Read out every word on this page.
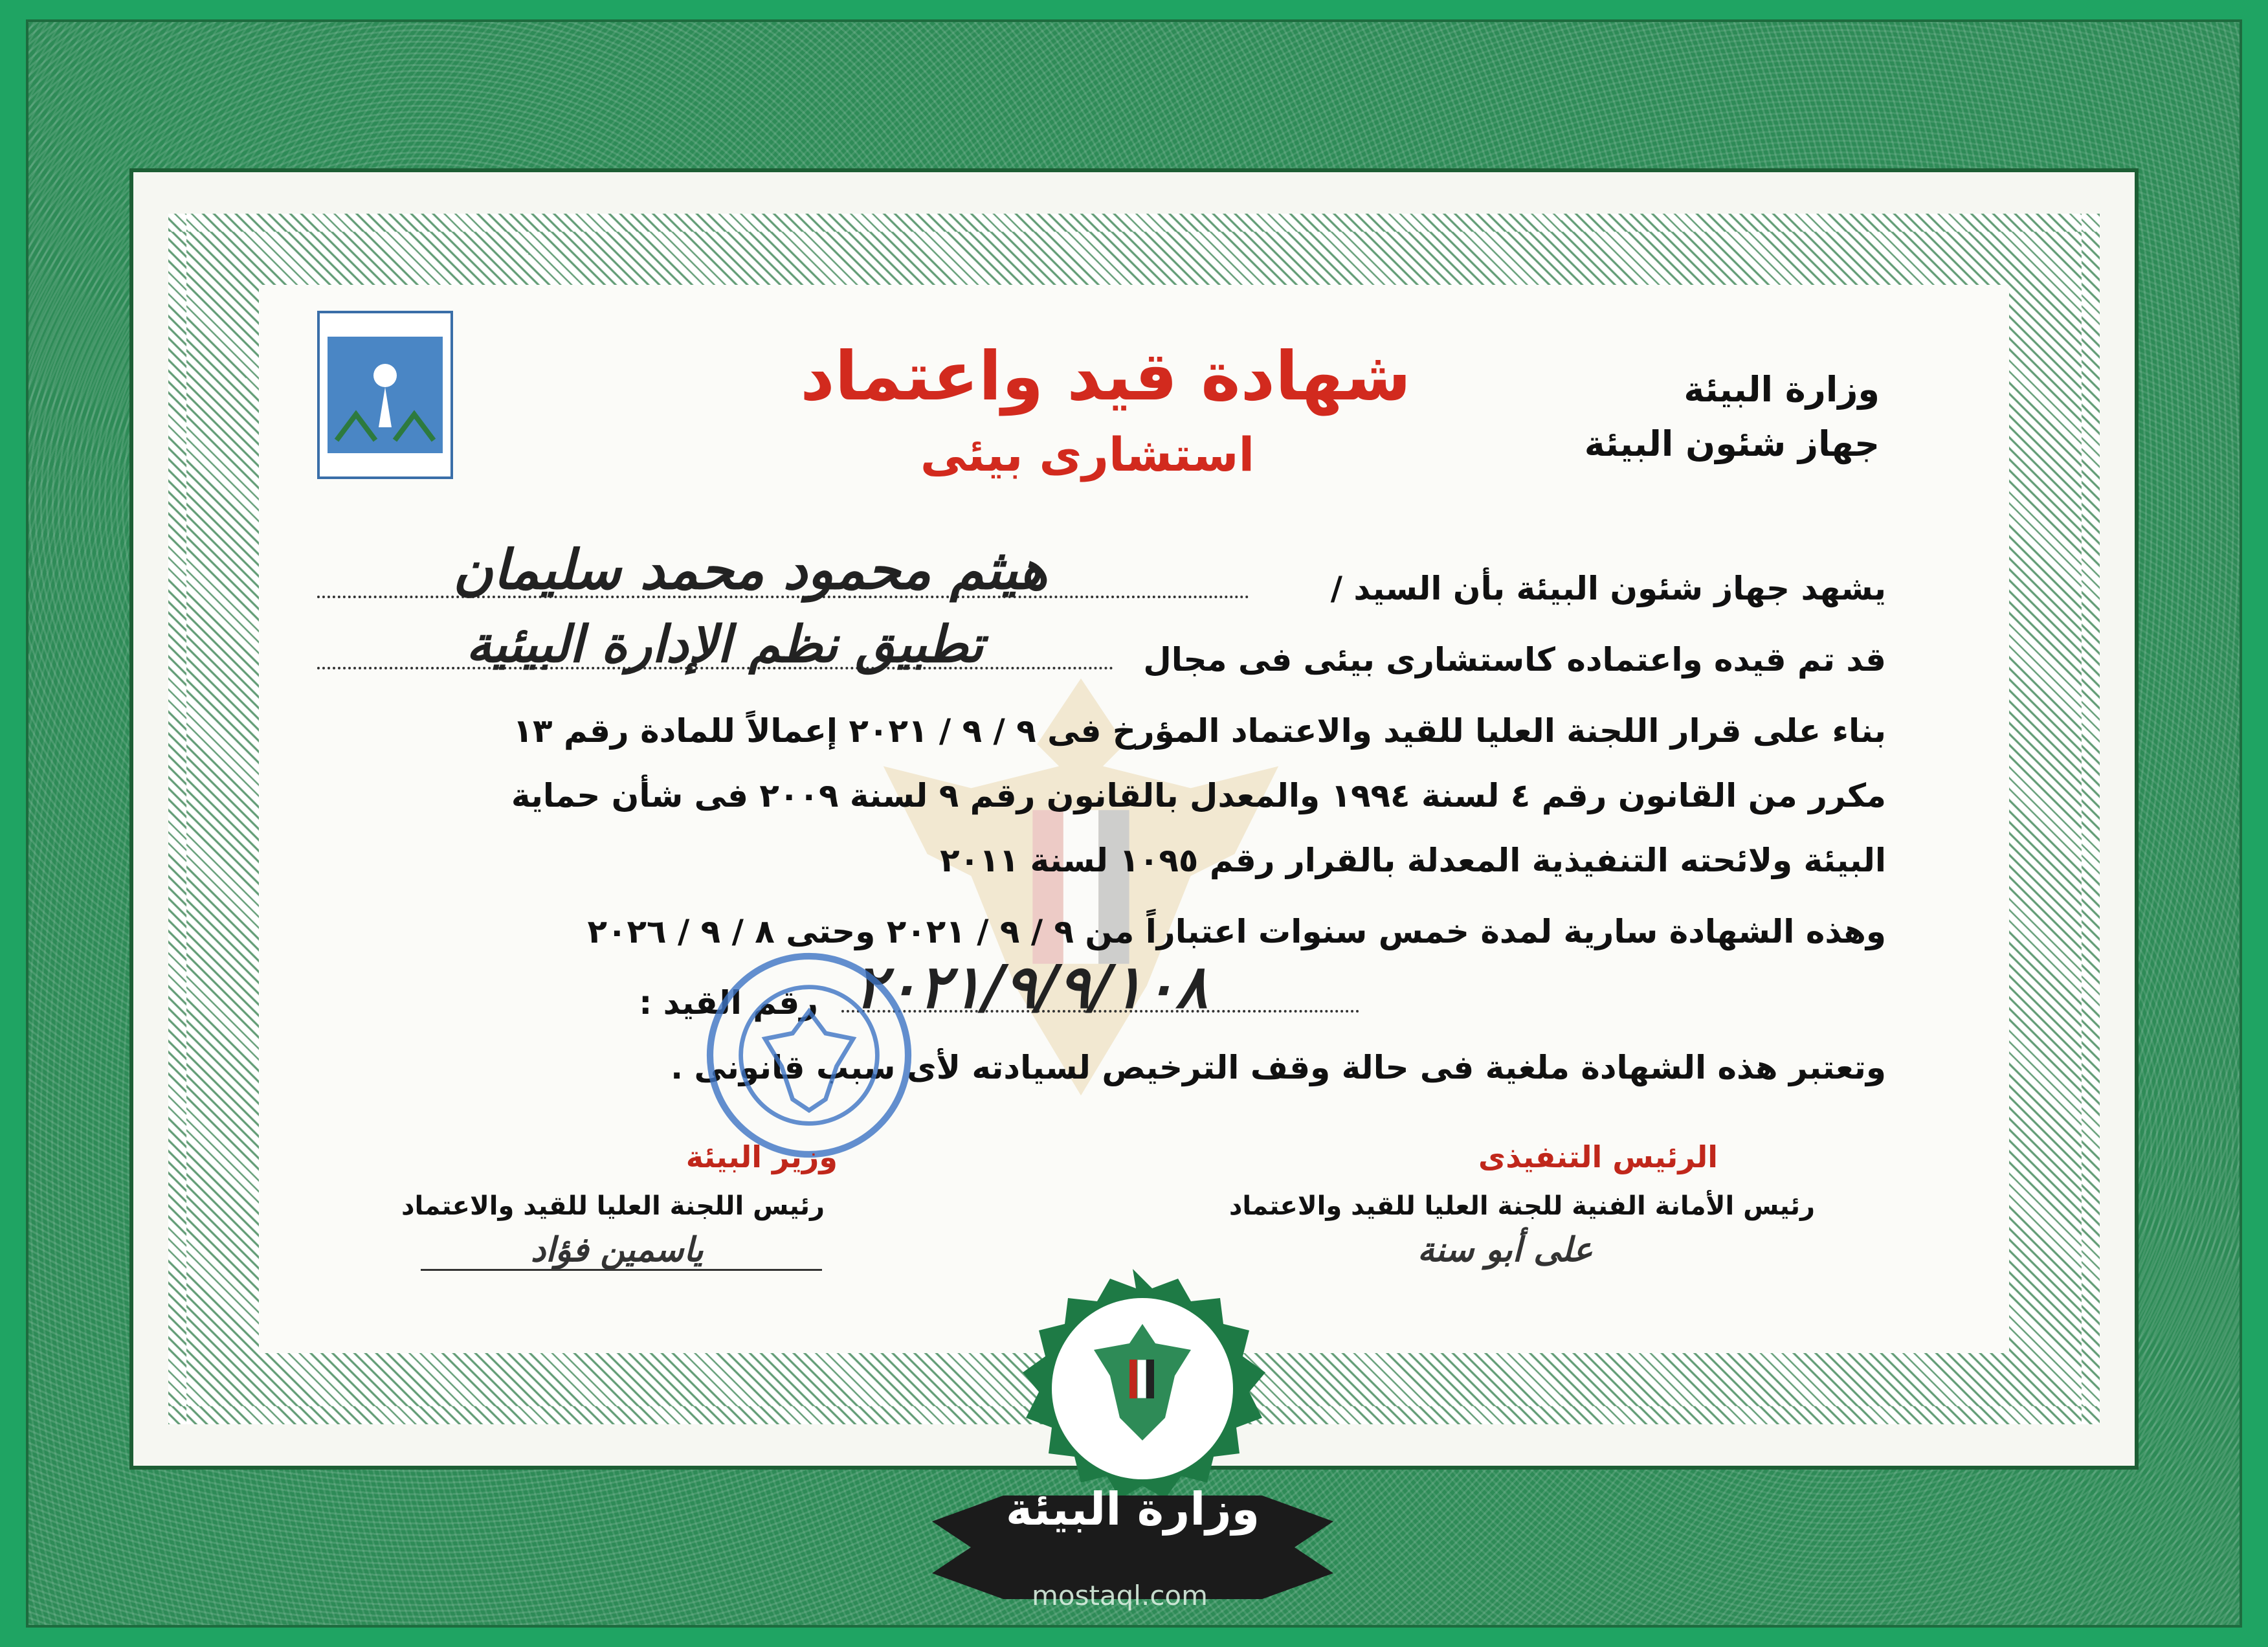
شهادة قيد واعتماد
استشارى بيئى
وزارة البيئة
جهاز شئون البيئة
يشهد جهاز شئون البيئة بأن السيد /
هيثم محمود محمد سليمان
قد تم قيده واعتماده كاستشارى بيئى فى مجال
تطبيق نظم الإدارة البيئية
بناء على قرار اللجنة العليا للقيد والاعتماد المؤرخ فى ٩ / ٩ / ٢٠٢١ إعمالاً للمادة رقم ١٣
مكرر من القانون رقم ٤ لسنة ١٩٩٤ والمعدل بالقانون رقم ٩ لسنة ٢٠٠٩ فى شأن حماية
البيئة ولائحته التنفيذية المعدلة بالقرار رقم ١٠٩٥ لسنة ٢٠١١
وهذه الشهادة سارية لمدة خمس سنوات اعتباراً من ٩ / ٩ / ٢٠٢١ وحتى ٨ / ٩ / ٢٠٢٦
رقم القيد : ٢٠٢١/٩/٩/١٠٨
وتعتبر هذه الشهادة ملغية فى حالة وقف الترخيص لسيادته لأى سبب قانونى .
وزير البيئة
رئيس اللجنة العليا للقيد والاعتماد
ياسمين فؤاد
الرئيس التنفيذى
رئيس الأمانة الفنية للجنة العليا للقيد والاعتماد
على أبو سنة
وزارة البيئة
mostaql.com
